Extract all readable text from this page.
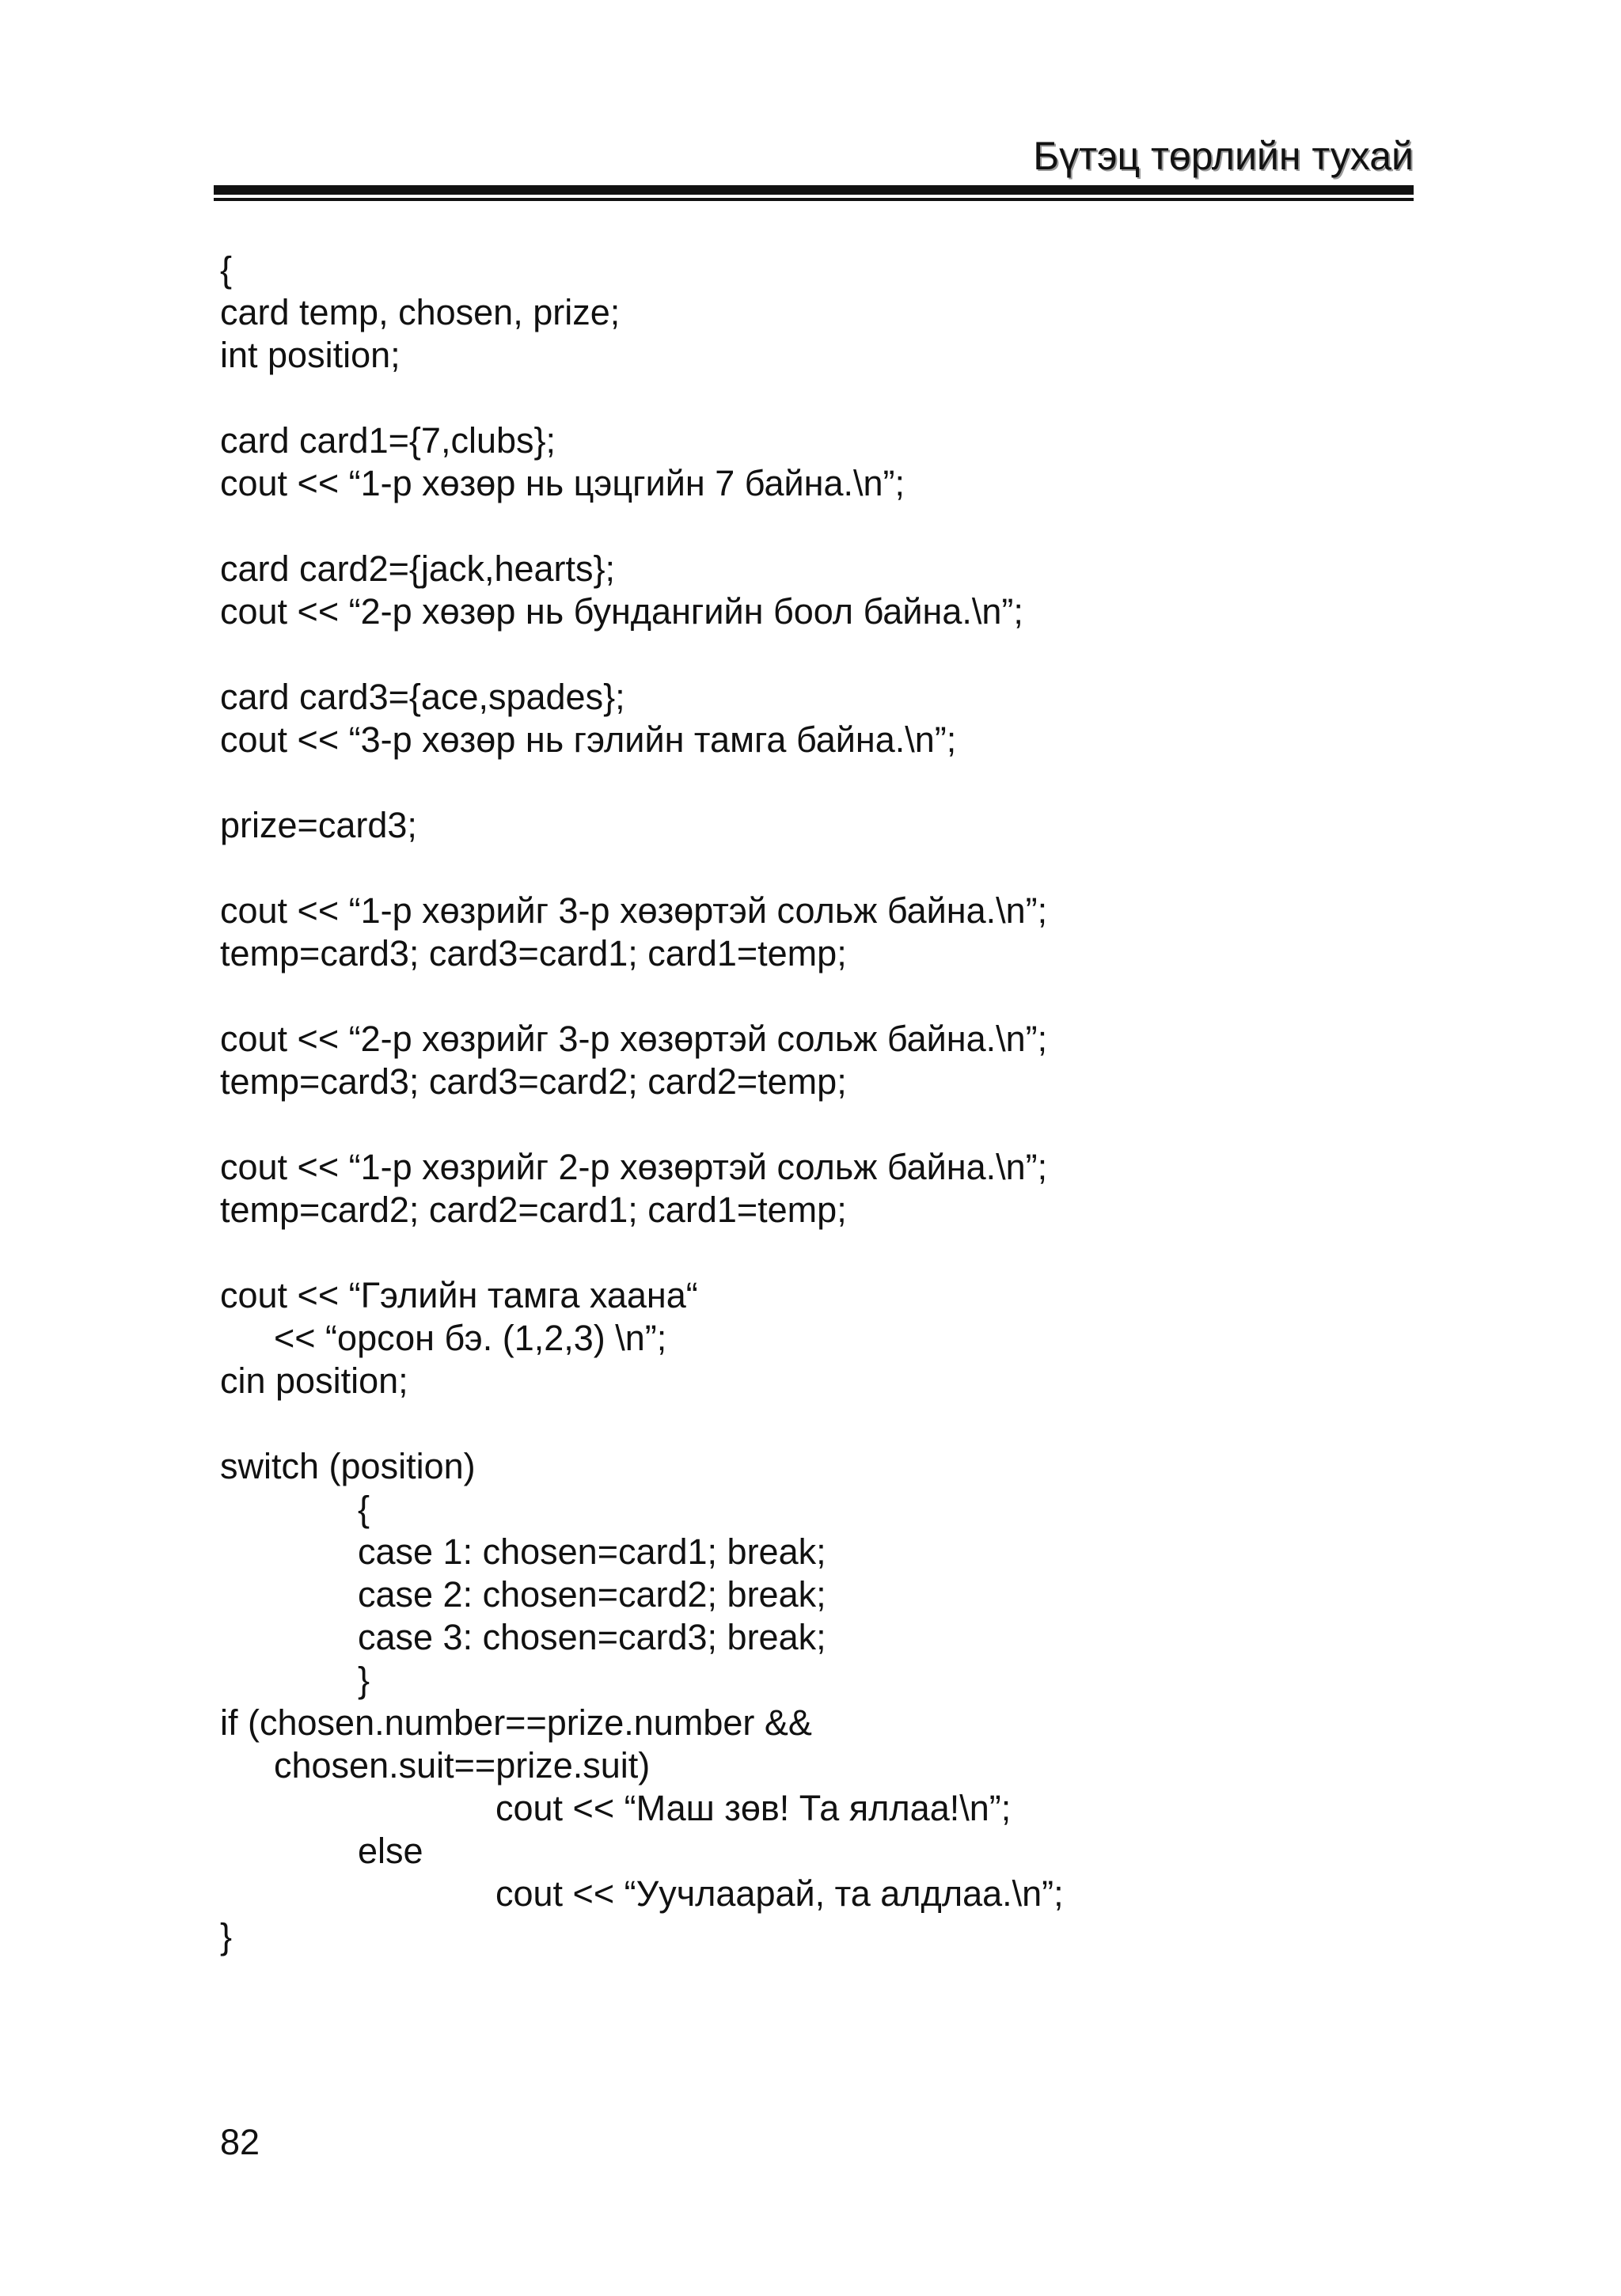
Бүтэц төрлийн тухай
{
card temp, chosen, prize;
int position;
card card1={7,clubs};
cout << “1-р хөзөр нь цэцгийн 7 байна.\n”;
card card2={jack,hearts};
cout << “2-р хөзөр нь бундангийн боол байна.\n”;
card card3={ace,spades};
cout << “3-р хөзөр нь гэлийн тамга байна.\n”;
prize=card3;
cout << “1-р хөзрийг 3-р хөзөртэй сольж байна.\n”;
temp=card3; card3=card1; card1=temp;
cout << “2-р хөзрийг 3-р хөзөртэй сольж байна.\n”;
temp=card3; card3=card2; card2=temp;
cout << “1-р хөзрийг 2-р хөзөртэй сольж байна.\n”;
temp=card2; card2=card1; card1=temp;
cout << “Гэлийн тамга хаана“
<< “орсон бэ. (1,2,3) \n”;
cin position;
switch (position)
{
case 1: chosen=card1; break;
case 2: chosen=card2; break;
case 3: chosen=card3; break;
}
if (chosen.number==prize.number &&
chosen.suit==prize.suit)
cout << “Маш зөв! Та яллаа!\n”;
else
cout << “Уучлаарай, та алдлаа.\n”;
}
82
